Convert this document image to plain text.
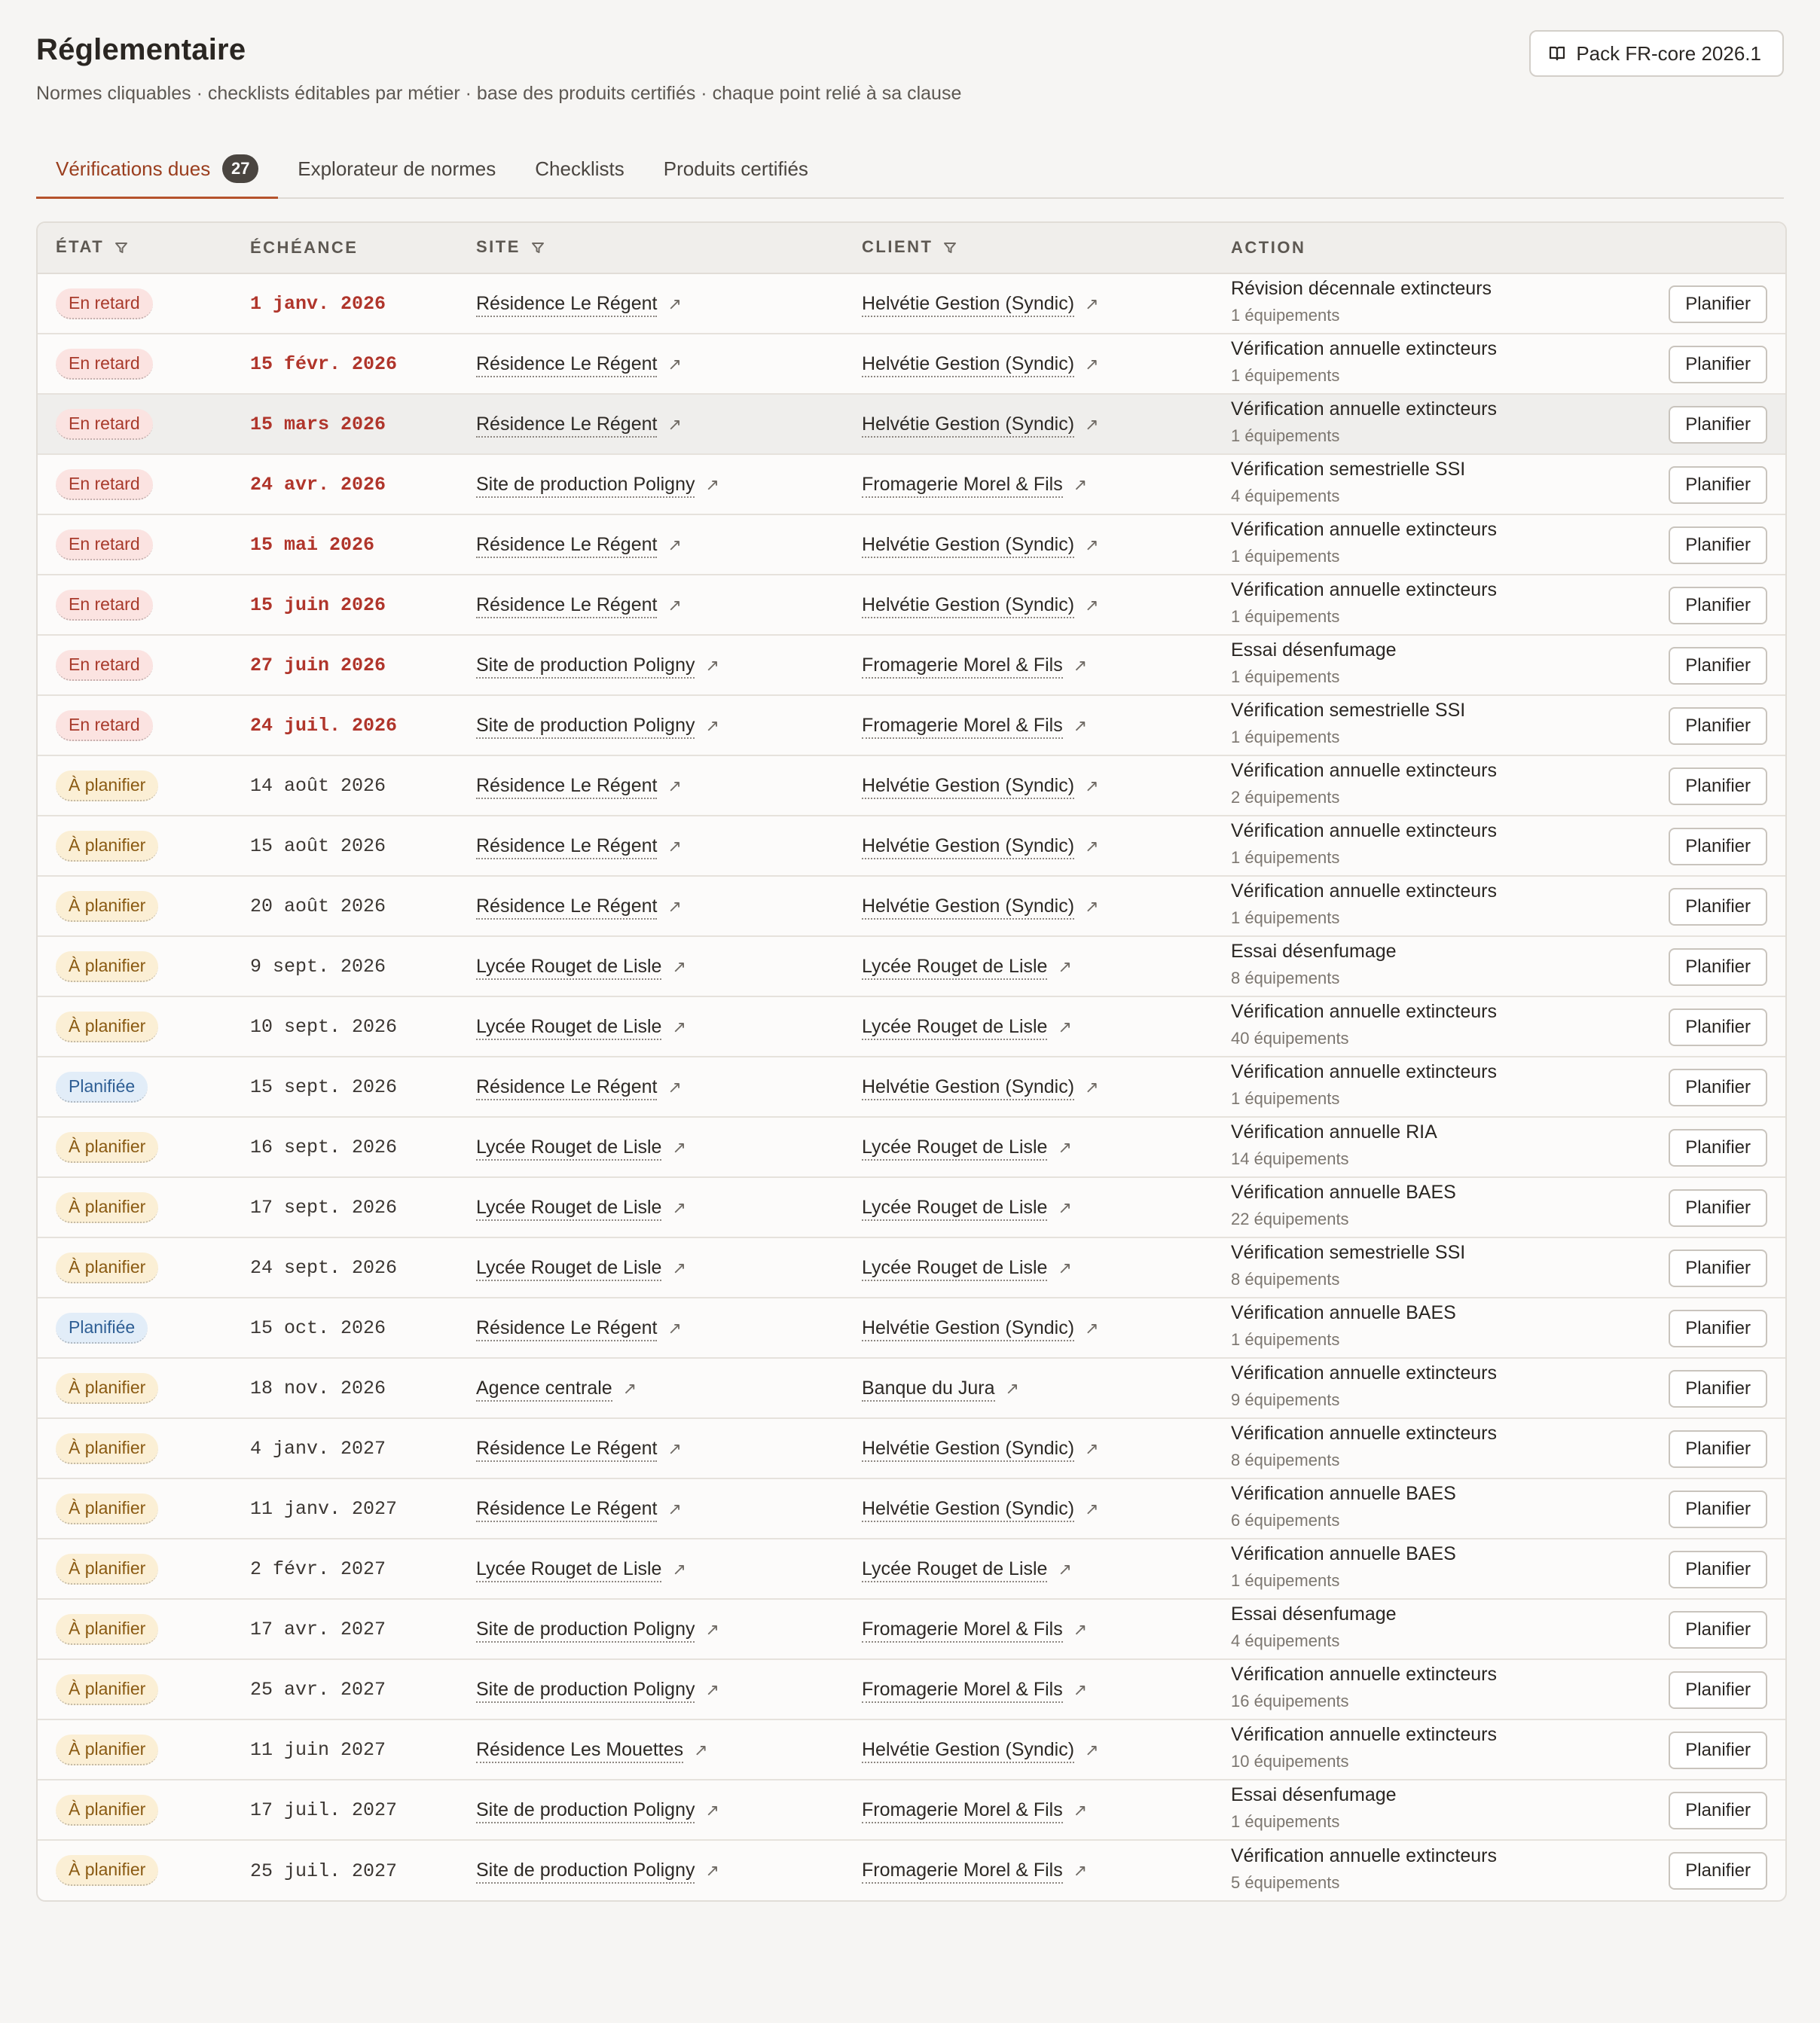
Réglementaire
Normes cliquables · checklists éditables par métier · base des produits certifiés · chaque point relié à sa clause
Pack FR-core 2026.1
Vérifications dues	27	Explorateur de normes Checklists Produits certifiés
ÉTAT	ÉCHÉANCE	SITE	CLIENT	ACTION
En retard	1 janv. 2026	Résidence Le Régent ↗	Helvétie Gestion (Syndic) ↗	Révision décennale extincteurs
1 équipements
Planifier

En retard	15 févr. 2026	Résidence Le Régent ↗	Helvétie Gestion (Syndic) ↗	Vérification annuelle extincteurs
1 équipements
Planifier

En retard	15 mars 2026	Résidence Le Régent ↗	Helvétie Gestion (Syndic) ↗	Vérification annuelle extincteurs
1 équipements
Planifier

En retard	24 avr. 2026	Site de production Poligny ↗	Fromagerie Morel & Fils ↗	Vérification semestrielle SSI
4 équipements
Planifier

En retard	15 mai 2026	Résidence Le Régent ↗	Helvétie Gestion (Syndic) ↗	Vérification annuelle extincteurs
1 équipements
Planifier

En retard	15 juin 2026	Résidence Le Régent ↗	Helvétie Gestion (Syndic) ↗	Vérification annuelle extincteurs
1 équipements
Planifier

En retard	27 juin 2026	Site de production Poligny ↗	Fromagerie Morel & Fils ↗	Essai désenfumage
1 équipements
Planifier

En retard	24 juil. 2026	Site de production Poligny ↗	Fromagerie Morel & Fils ↗	Vérification semestrielle SSI
1 équipements
Planifier

À planifier	14 août 2026	Résidence Le Régent ↗	Helvétie Gestion (Syndic) ↗	Vérification annuelle extincteurs
2 équipements
Planifier

À planifier	15 août 2026	Résidence Le Régent ↗	Helvétie Gestion (Syndic) ↗	Vérification annuelle extincteurs
1 équipements
Planifier

À planifier	20 août 2026	Résidence Le Régent ↗	Helvétie Gestion (Syndic) ↗	Vérification annuelle extincteurs
1 équipements
Planifier

À planifier	9 sept. 2026	Lycée Rouget de Lisle ↗	Lycée Rouget de Lisle ↗	Essai désenfumage
8 équipements
Planifier

À planifier	10 sept. 2026	Lycée Rouget de Lisle ↗	Lycée Rouget de Lisle ↗	Vérification annuelle extincteurs
40 équipements
Planifier

Planifiée	15 sept. 2026	Résidence Le Régent ↗	Helvétie Gestion (Syndic) ↗	Vérification annuelle extincteurs
1 équipements
Planifier

À planifier	16 sept. 2026	Lycée Rouget de Lisle ↗	Lycée Rouget de Lisle ↗	Vérification annuelle RIA
14 équipements
Planifier

À planifier	17 sept. 2026	Lycée Rouget de Lisle ↗	Lycée Rouget de Lisle ↗	Vérification annuelle BAES
22 équipements
Planifier

À planifier	24 sept. 2026	Lycée Rouget de Lisle ↗	Lycée Rouget de Lisle ↗	Vérification semestrielle SSI
8 équipements
Planifier

Planifiée	15 oct. 2026	Résidence Le Régent ↗	Helvétie Gestion (Syndic) ↗	Vérification annuelle BAES
1 équipements
Planifier

À planifier	18 nov. 2026	Agence centrale ↗	Banque du Jura ↗	Vérification annuelle extincteurs
9 équipements
Planifier

À planifier	4 janv. 2027	Résidence Le Régent ↗	Helvétie Gestion (Syndic) ↗	Vérification annuelle extincteurs
8 équipements
Planifier

À planifier	11 janv. 2027	Résidence Le Régent ↗	Helvétie Gestion (Syndic) ↗	Vérification annuelle BAES
6 équipements
Planifier

À planifier	2 févr. 2027	Lycée Rouget de Lisle ↗	Lycée Rouget de Lisle ↗	Vérification annuelle BAES
1 équipements
Planifier

À planifier	17 avr. 2027	Site de production Poligny ↗	Fromagerie Morel & Fils ↗	Essai désenfumage
4 équipements
Planifier

À planifier	25 avr. 2027	Site de production Poligny ↗	Fromagerie Morel & Fils ↗	Vérification annuelle extincteurs
16 équipements
Planifier

À planifier	11 juin 2027	Résidence Les Mouettes ↗	Helvétie Gestion (Syndic) ↗	Vérification annuelle extincteurs
10 équipements
Planifier

À planifier	17 juil. 2027	Site de production Poligny ↗	Fromagerie Morel & Fils ↗	Essai désenfumage
1 équipements
Planifier

À planifier	25 juil. 2027	Site de production Poligny ↗	Fromagerie Morel & Fils ↗	Vérification annuelle extincteurs
5 équipements
Planifier
